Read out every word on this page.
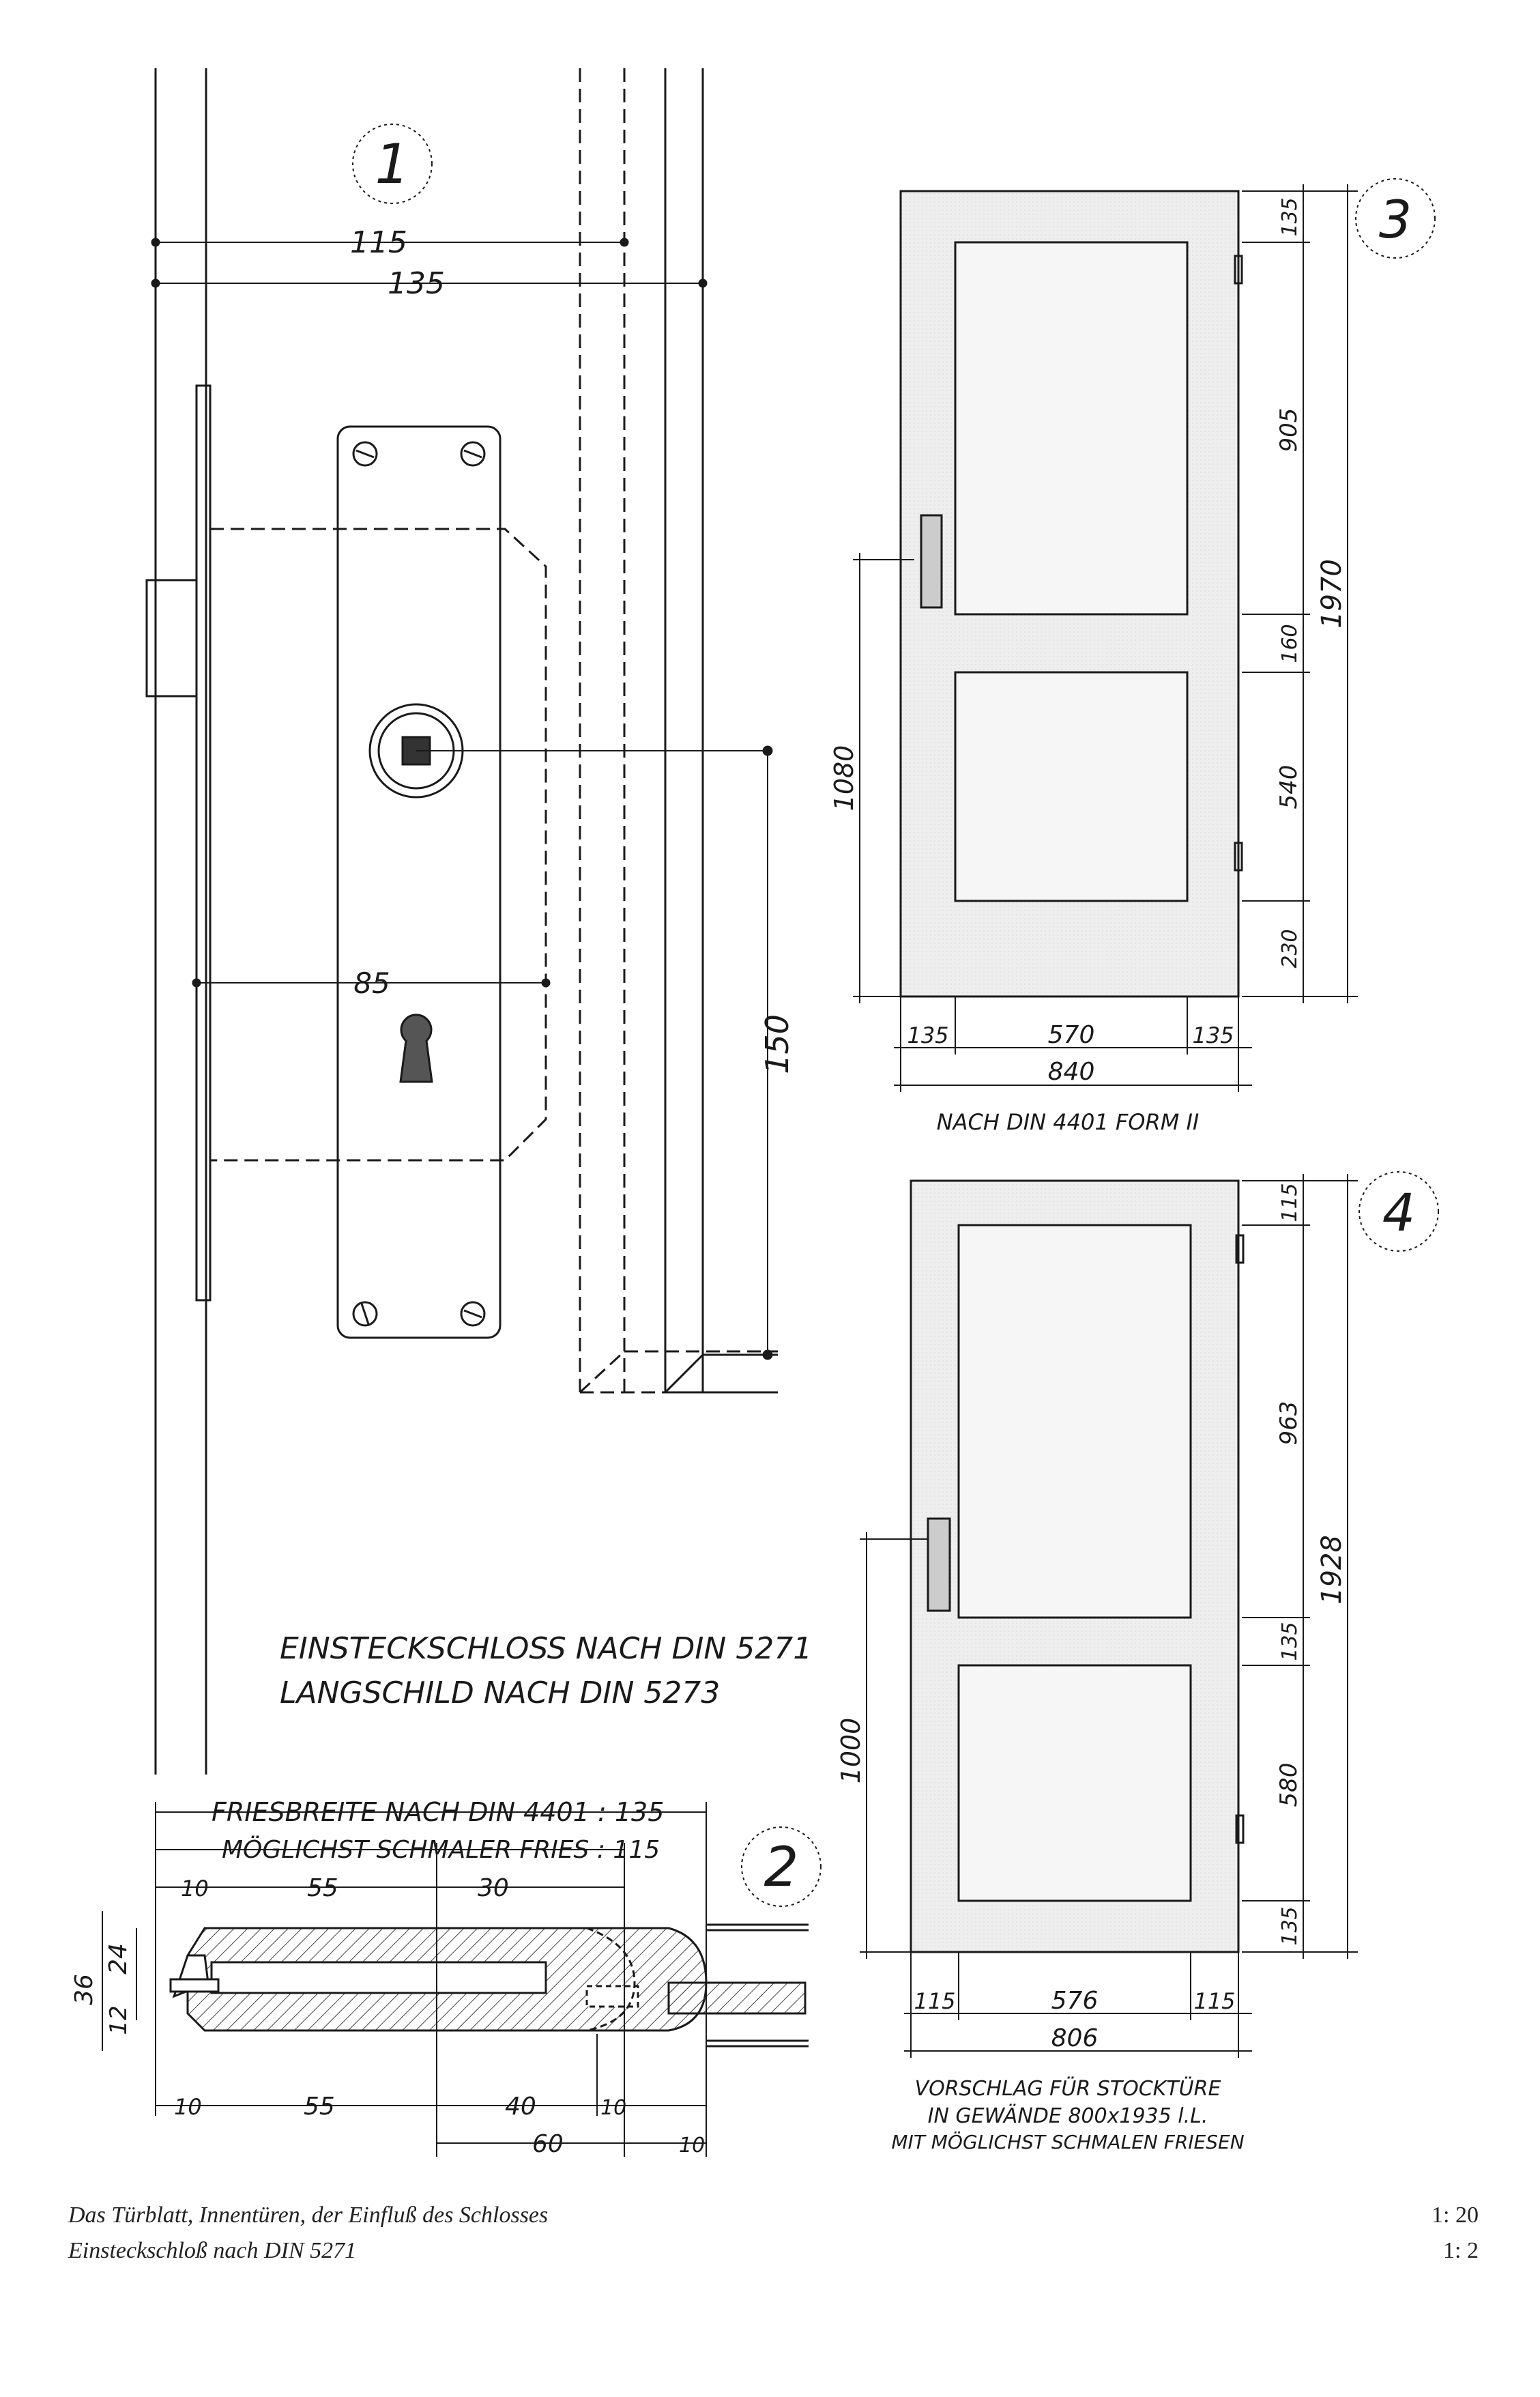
1
115
135
85
150
EINSTECKSCHLOSS NACH DIN 5271
LANGSCHILD NACH DIN 5273
2
FRIESBREITE NACH DIN 4401 : 135
MÖGLICHST SCHMALER FRIES : 115
10	55	30
10	55	40	10
60	10
36
24
12
3
135
905
160
540
230
1970
1080
135	570	135
840
NACH DIN 4401 FORM II
4
115
963
135
580
135
1928
1000
115	576	115
806
VORSCHLAG FÜR STOCKTÜRE
IN GEWÄNDE 800x1935 l.L.
MIT MÖGLICHST SCHMALEN FRIESEN
Das Türblatt, Innentüren, der Einfluß des Schlosses
Einsteckschloß nach DIN 5271
1: 20
1: 2
